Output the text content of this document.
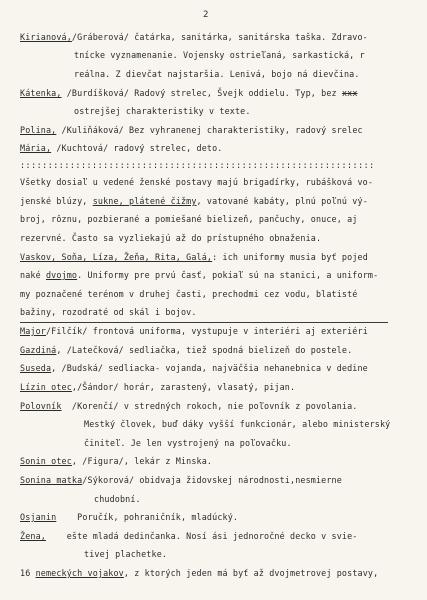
2
Kirianová,/Gráberová/ čatárka, sanitárka, sanitárska taška. Zdravo-
tnícke vyznamenanie. Vojensky ostrieľaná, sarkastická, r
reálna. Z dievčat najstaršia. Lenivá, bojo ná dievčina.
Kátenka, /Burdíšková/ Radový strelec, Švejk oddielu. Typ, bez xxx
ostrejšej charakteristiky v texte.
Polina, /Kuliňáková/ Bez vyhranenej charakteristiky, radový srelec
Mária, /Kuchtová/ radový strelec, deto.
::::::::::::::::::::::::::::::::::::::::::::::::::::::::::::::::
Všetky dosiaľ u vedené ženské postavy majú brigadírky, rubášková vo-
jenské blúzy, sukne, plátené čižmy, vatované kabáty, plnú poľnú vý-
broj, rôznu, pozbierané a pomiešané bielizeň, pančuchy, onuce, aj
rezervné. Často sa vyzliekajú až do prístupného obnaženia.
Vaskov, Soňa, Líza, Žeňa, Rita, Galá,: ich uniformy musia byť pojed
naké dvojmo. Uniformy pre prvú časť, pokiaľ sú na stanici, a uniform-
my poznačené terénom v druhej časti, prechodmi cez vodu, blatisté
bažiny, rozodraté od skál i bojov.
Major/Filčík/ frontová uniforma, vystupuje v interiéri aj exteriéri
Gazdiná, /Latečková/ sedliačka, tiež spodná bielizeň do postele.
Suseda, /Budská/ sedliacka- vojanda, najväčšia nehanebnica v dedine
Lízin otec,/Šándor/ horár, zarastený, vlasatý, pijan.
Polovník  /Korenčí/ v stredných rokoch, nie poľovník z povolania.
Mestký človek, buď dáky vyšší funkcionár, alebo ministerský
činiteľ. Je len vystrojený na poľovačku.
Sonin otec, /Figura/, lekár z Minska.
Sonina matka/Sýkorová/ obidvaja židovskej národnosti,nesmierne
chudobní.
Osjanin    Poručík, pohraničník, mladúcký.
Žena,    ešte mladá dedinčanka. Nosí ási jednoročné decko v svie-
tivej plachetke.
16 nemeckých vojakov, z ktorých jeden má byť až dvojmetrovej postavy,
